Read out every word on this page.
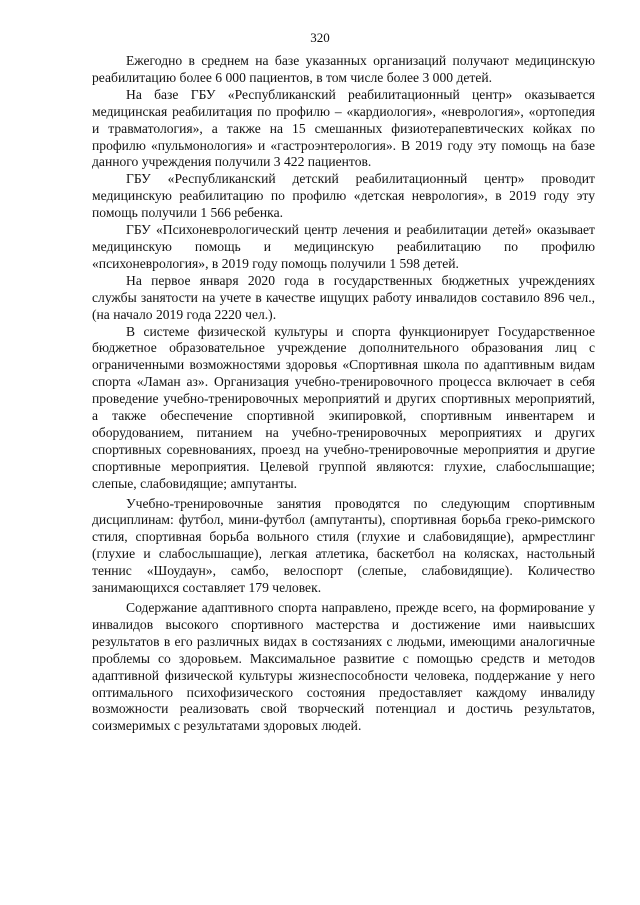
320

Ежегодно в среднем на базе указанных организаций получают медицинскую реабилитацию более 6 000 пациентов, в том числе более 3 000 детей.

На базе ГБУ «Республиканский реабилитационный центр» оказывается медицинская реабилитация по профилю – «кардиология», «неврология», «ортопедия и травматология», а также на 15 смешанных физиотерапевтических койках по профилю «пульмонология» и «гастроэнтерология». В 2019 году эту помощь на базе данного учреждения получили 3 422 пациентов.

ГБУ «Республиканский детский реабилитационный центр» проводит медицинскую реабилитацию по профилю «детская неврология», в 2019 году эту помощь получили 1 566 ребенка.

ГБУ «Психоневрологический центр лечения и реабилитации детей» оказывает медицинскую помощь и медицинскую реабилитацию по профилю «психоневрология», в 2019 году помощь получили 1 598 детей.

На первое января 2020 года в государственных бюджетных учреждениях службы занятости на учете в качестве ищущих работу инвалидов составило 896 чел., (на начало 2019 года 2220 чел.).

В системе физической культуры и спорта функционирует Государственное бюджетное образовательное учреждение дополнительного образования лиц с ограниченными возможностями здоровья «Спортивная школа по адаптивным видам спорта «Ламан аз». Организация учебно-тренировочного процесса включает в себя проведение учебно-тренировочных мероприятий и других спортивных мероприятий, а также обеспечение спортивной экипировкой, спортивным инвентарем и оборудованием, питанием на учебно-тренировочных мероприятиях и других спортивных соревнованиях, проезд на учебно-тренировочные мероприятия и другие спортивные мероприятия. Целевой группой являются: глухие, слабослышащие; слепые, слабовидящие; ампутанты.

Учебно-тренировочные занятия проводятся по следующим спортивным дисциплинам: футбол, мини-футбол (ампутанты), спортивная борьба греко-римского стиля, спортивная борьба вольного стиля (глухие и слабовидящие), армрестлинг (глухие и слабослышащие), легкая атлетика, баскетбол на колясках, настольный теннис «Шоудаун», самбо, велоспорт (слепые, слабовидящие). Количество занимающихся составляет 179 человек.

Содержание адаптивного спорта направлено, прежде всего, на формирование у инвалидов высокого спортивного мастерства и достижение ими наивысших результатов в его различных видах в состязаниях с людьми, имеющими аналогичные проблемы со здоровьем. Максимальное развитие с помощью средств и методов адаптивной физической культуры жизнеспособности человека, поддержание у него оптимального психофизического состояния предоставляет каждому инвалиду возможности реализовать свой творческий потенциал и достичь результатов, соизмеримых с результатами здоровых людей.
